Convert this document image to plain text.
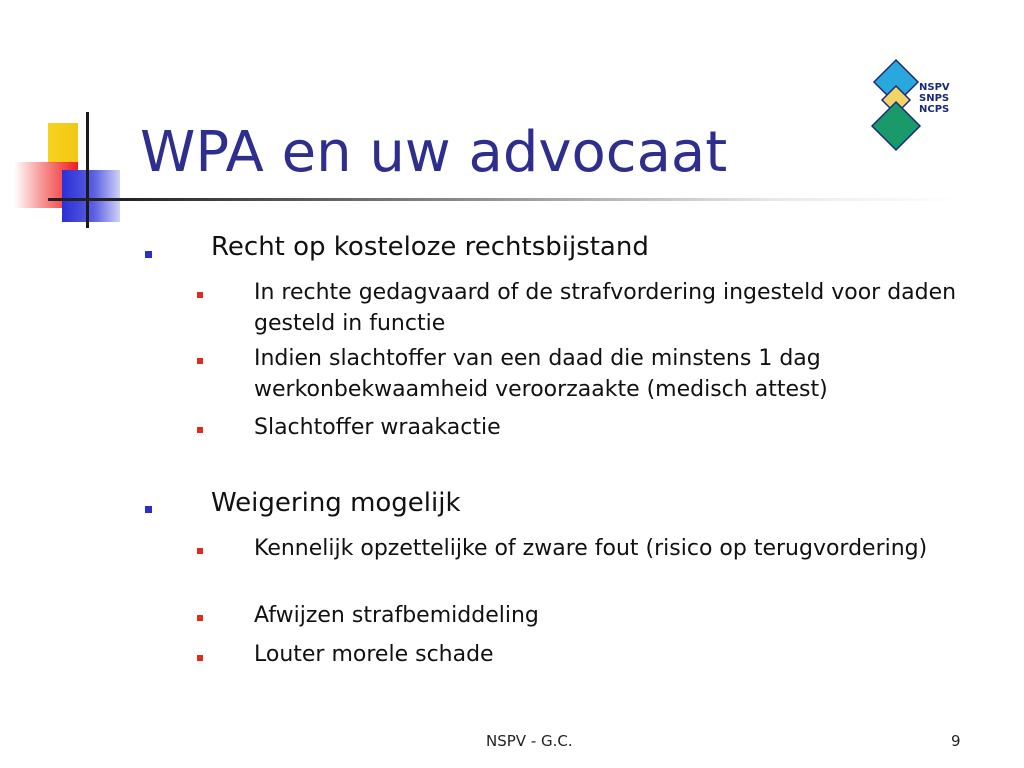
WPA en uw advocaat
NSPV
SNPS
NCPS
Recht op kosteloze rechtsbijstand
In rechte gedagvaard of de strafvordering ingesteld voor daden gesteld in functie
Indien slachtoffer van een daad die minstens 1 dag werkonbekwaamheid veroorzaakte (medisch attest)
Slachtoffer wraakactie
Weigering mogelijk
Kennelijk opzettelijke of zware fout (risico op terugvordering)
Afwijzen strafbemiddeling
Louter morele schade
NSPV - G.C.	9
